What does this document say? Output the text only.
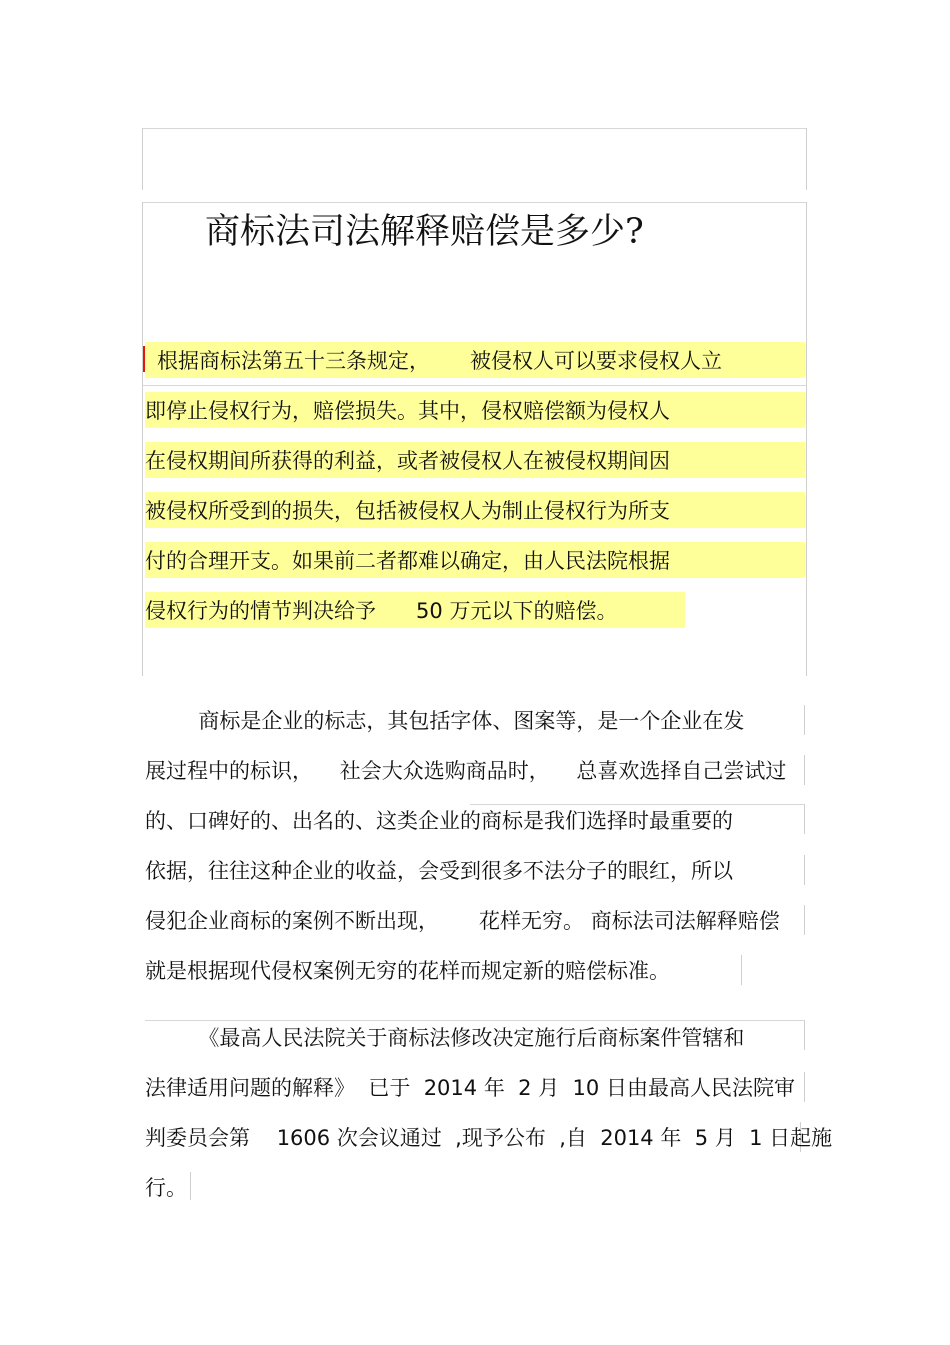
商标法司法解释赔偿是多少?
根据商标法第五十三条规定，      被侵权人可以要求侵权人立
即停止侵权行为，赔偿损失。其中，侵权赔偿额为侵权人
在侵权期间所获得的利益，或者被侵权人在被侵权期间因
被侵权所受到的损失，包括被侵权人为制止侵权行为所支
付的合理开支。如果前二者都难以确定，由人民法院根据
侵权行为的情节判决给予      50 万元以下的赔偿。
商标是企业的标志，其包括字体、图案等，是一个企业在发
展过程中的标识，    社会大众选购商品时，    总喜欢选择自己尝试过
的、口碑好的、出名的、这类企业的商标是我们选择时最重要的
依据，往往这种企业的收益，会受到很多不法分子的眼红，所以
侵犯企业商标的案例不断出现，      花样无穷。 商标法司法解释赔偿
就是根据现代侵权案例无穷的花样而规定新的赔偿标准。
《最高人民法院关于商标法修改决定施行后商标案件管辖和
法律适用问题的解释》  已于  2014 年  2 月  10 日由最高人民法院审
判委员会第    1606 次会议通过  ,现予公布  ,自  2014 年  5 月  1 日起施
行。
